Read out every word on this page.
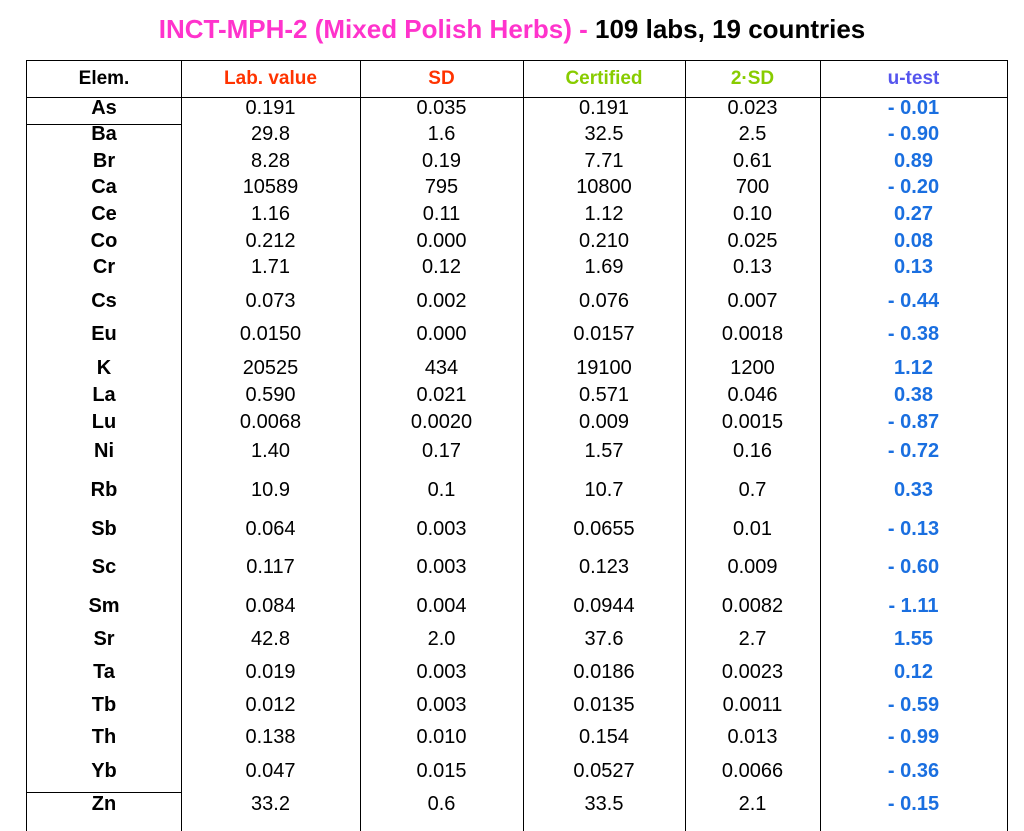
INCT-MPH-2 (Mixed Polish Herbs) - 109 labs, 19 countries
Elem.	Lab. value	SD	Certified	2·SD	u-test
As	0.191	0.035	0.191	0.023	- 0.01
Ba	29.8	1.6	32.5	2.5	- 0.90
Br	8.28	0.19	7.71	0.61	0.89
Ca	10589	795	10800	700	- 0.20
Ce	1.16	0.11	1.12	0.10	0.27
Co	0.212	0.000	0.210	0.025	0.08
Cr	1.71	0.12	1.69	0.13	0.13
Cs	0.073	0.002	0.076	0.007	- 0.44
Eu	0.0150	0.000	0.0157	0.0018	- 0.38
K	20525	434	19100	1200	1.12
La	0.590	0.021	0.571	0.046	0.38
Lu	0.0068	0.0020	0.009	0.0015	- 0.87
Ni	1.40	0.17	1.57	0.16	- 0.72
Rb	10.9	0.1	10.7	0.7	0.33
Sb	0.064	0.003	0.0655	0.01	- 0.13
Sc	0.117	0.003	0.123	0.009	- 0.60
Sm	0.084	0.004	0.0944	0.0082	- 1.11
Sr	42.8	2.0	37.6	2.7	1.55
Ta	0.019	0.003	0.0186	0.0023	0.12
Tb	0.012	0.003	0.0135	0.0011	- 0.59
Th	0.138	0.010	0.154	0.013	- 0.99
Yb	0.047	0.015	0.0527	0.0066	- 0.36
Zn	33.2	0.6	33.5	2.1	- 0.15
